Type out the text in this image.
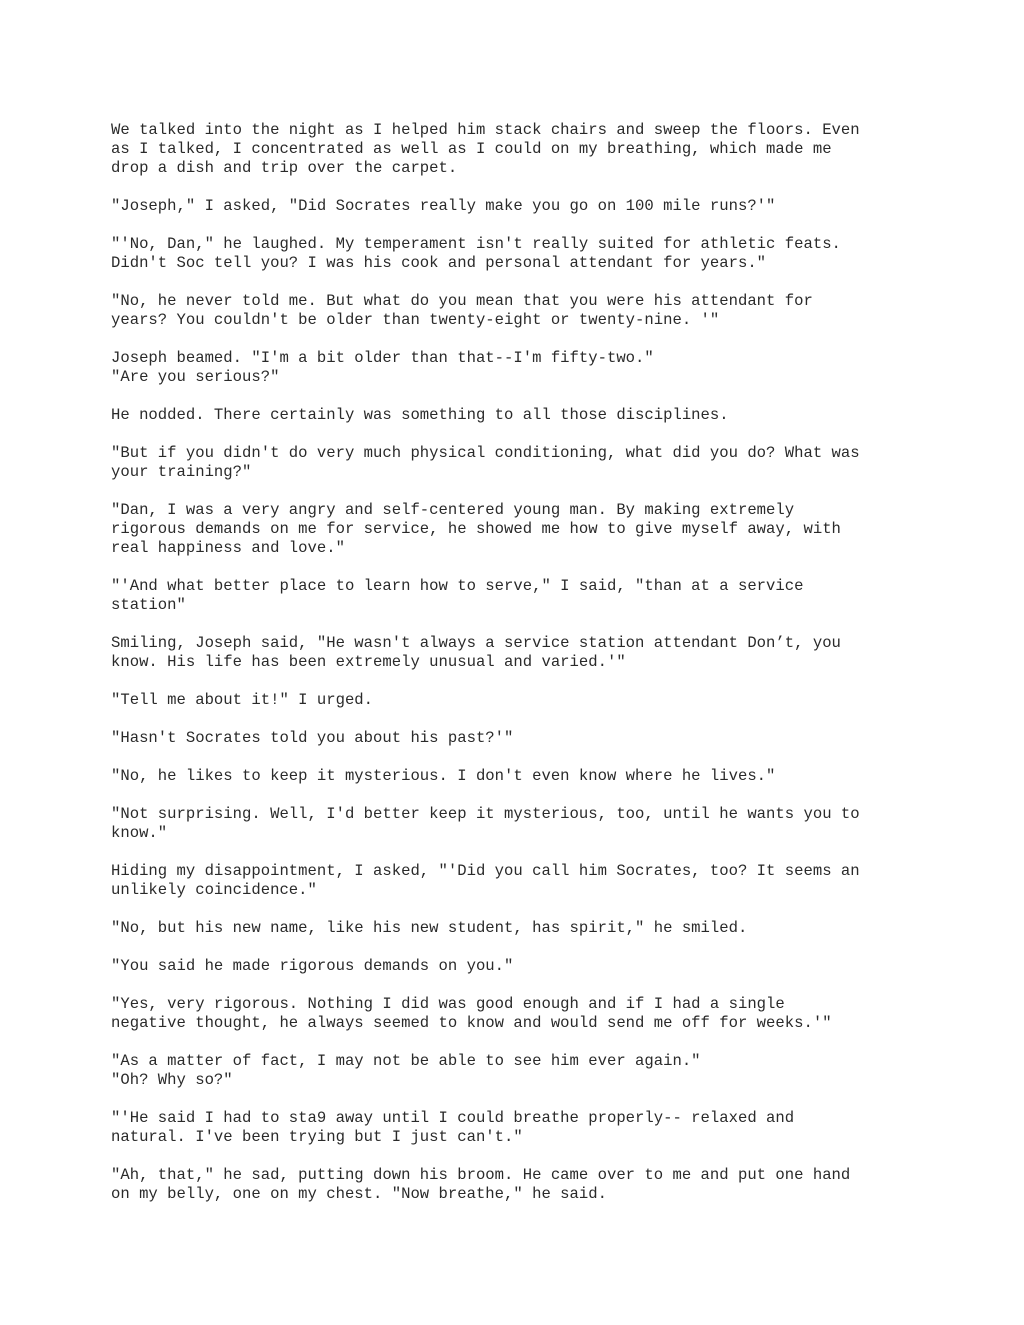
We talked into the night as I helped him stack chairs and sweep the floors. Even
as I talked, I concentrated as well as I could on my breathing, which made me
drop a dish and trip over the carpet.
"Joseph," I asked, "Did Socrates really make you go on 100 mile runs?'"
"'No, Dan," he laughed. My temperament isn't really suited for athletic feats.
Didn't Soc tell you? I was his cook and personal attendant for years."
"No, he never told me. But what do you mean that you were his attendant for
years? You couldn't be older than twenty-eight or twenty-nine. '"
Joseph beamed. "I'm a bit older than that--I'm fifty-two."
"Are you serious?"
He nodded. There certainly was something to all those disciplines.
"But if you didn't do very much physical conditioning, what did you do? What was
your training?"
"Dan, I was a very angry and self-centered young man. By making extremely
rigorous demands on me for service, he showed me how to give myself away, with
real happiness and love."
"'And what better place to learn how to serve," I said, "than at a service
station"
Smiling, Joseph said, "He wasn't always a service station attendant Don’t, you
know. His life has been extremely unusual and varied.'"
"Tell me about it!" I urged.
"Hasn't Socrates told you about his past?'"
"No, he likes to keep it mysterious. I don't even know where he lives."
"Not surprising. Well, I'd better keep it mysterious, too, until he wants you to
know."
Hiding my disappointment, I asked, "'Did you call him Socrates, too? It seems an
unlikely coincidence."
"No, but his new name, like his new student, has spirit," he smiled.
"You said he made rigorous demands on you."
"Yes, very rigorous. Nothing I did was good enough and if I had a single
negative thought, he always seemed to know and would send me off for weeks.'"
"As a matter of fact, I may not be able to see him ever again."
"Oh? Why so?"
"'He said I had to sta9 away until I could breathe properly-- relaxed and
natural. I've been trying but I just can't."
"Ah, that," he sad, putting down his broom. He came over to me and put one hand
on my belly, one on my chest. "Now breathe," he said.
